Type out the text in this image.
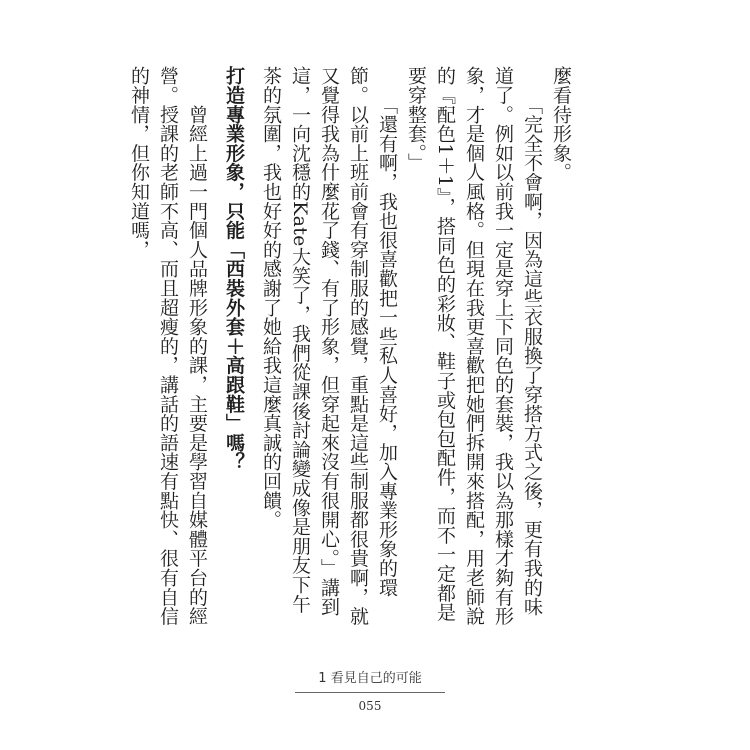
麼看待形象。

　　「完全不會啊，因為這些衣服換了穿搭方式之後，更有我的味道了。例如以前我一定是穿上下同色的套裝，我以為那樣才夠有形象，才是個人風格。但現在我更喜歡把她們拆開來搭配，用老師說的『配色1＋1』，搭同色的彩妝、鞋子或包包配件，而不一定都是要穿整套。」

　　「還有啊，我也很喜歡把一些私人喜好，加入專業形象的環節。以前上班前會有穿制服的感覺，重點是這些制服都很貴啊，就又覺得我為什麼花了錢、有了形象，但穿起來沒有很開心。」講到這，一向沈穩的Kate大笑了，我們從課後討論變成像是朋友下午茶的氛圍，我也好好的感謝了她給我這麼真誠的回饋。

打造專業形象，只能「西裝外套＋高跟鞋」嗎？

　　曾經上過一門個人品牌形象的課，主要是學習自媒體平台的經營。授課的老師不高、而且超瘦的，講話的語速有點快、很有自信的神情，但你知道嗎，

1 看見自己的可能
055
